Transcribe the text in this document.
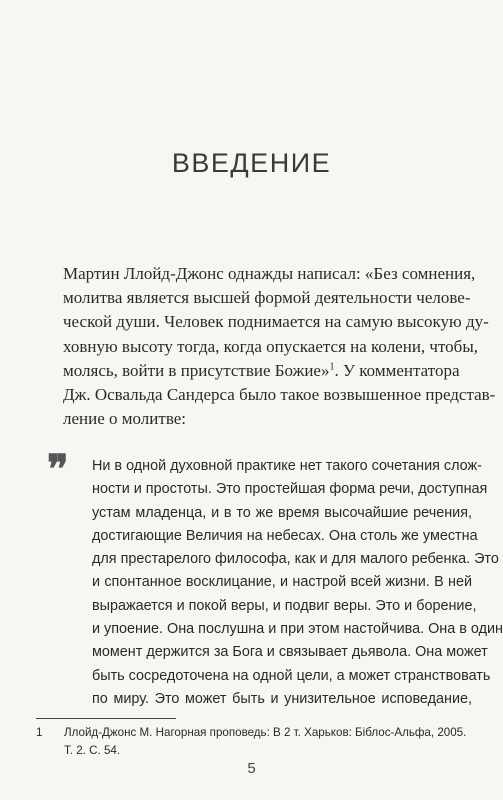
ВВЕДЕНИЕ
Мартин Ллойд-Джонс однажды написал: «Без сомнения,
молитва является высшей формой деятельности челове-
ческой души. Человек поднимается на самую высокую ду-
ховную высоту тогда, когда опускается на колени, чтобы,
молясь, войти в присутствие Божие»$^1$. У комментатора
Дж. Освальда Сандерса было такое возвышенное представ-
ление о молитве:
❞ Ни в одной духовной практике нет такого сочетания слож-
ности и простоты. Это простейшая форма речи, доступная
устам младенца, и в то же время высочайшие речения,
достигающие Величия на небесах. Она столь же уместна
для престарелого философа, как и для малого ребенка. Это
и спонтанное восклицание, и настрой всей жизни. В ней
выражается и покой веры, и подвиг веры. Это и борение,
и упоение. Она послушна и при этом настойчива. Она в один
момент держится за Бога и связывает дьявола. Она может
быть сосредоточена на одной цели, а может странствовать
по миру. Это может быть и унизительное исповедание,
1 Ллойд-Джонс М. Нагорная проповедь: В 2 т. Харьков: Біблос-Альфа, 2005. Т. 2. С. 54.
5
